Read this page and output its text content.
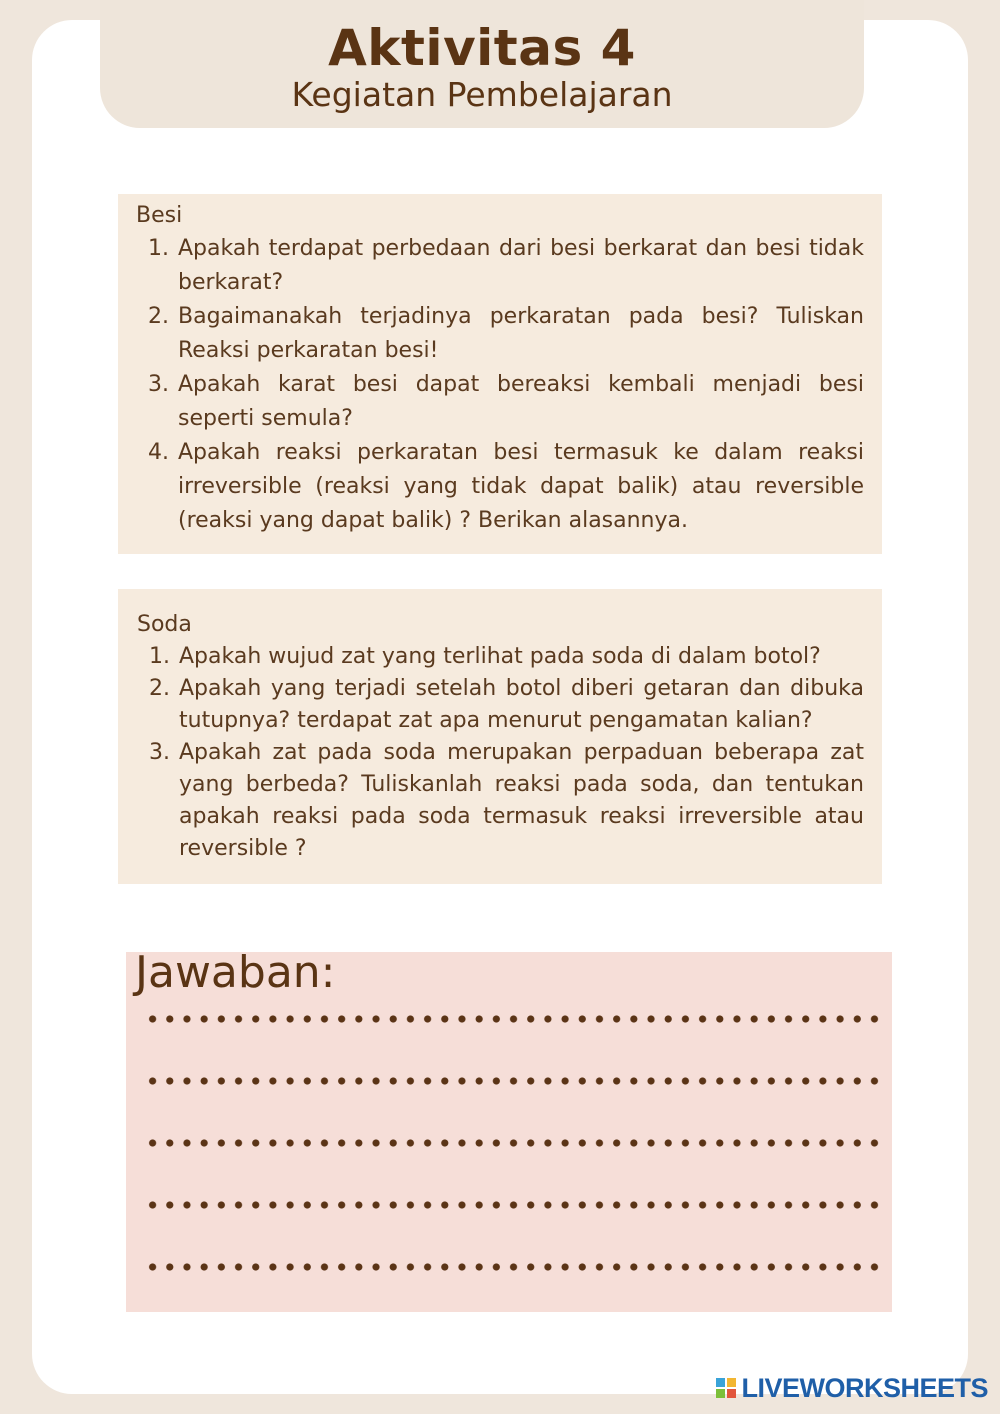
Aktivitas 4
Kegiatan Pembelajaran
Besi
1. Apakah terdapat perbedaan dari besi berkarat dan besi tidak berkarat?
2. Bagaimanakah terjadinya perkaratan pada besi? Tuliskan Reaksi perkaratan besi!
3. Apakah karat besi dapat bereaksi kembali menjadi besi seperti semula?
4. Apakah reaksi perkaratan besi termasuk ke dalam reaksi irreversible (reaksi yang tidak dapat balik) atau reversible (reaksi yang dapat balik) ? Berikan alasannya.
Soda
1. Apakah wujud zat yang terlihat pada soda di dalam botol?
2. Apakah yang terjadi setelah botol diberi getaran dan dibuka tutupnya? terdapat zat apa menurut pengamatan kalian?
3. Apakah zat pada soda merupakan perpaduan beberapa zat yang berbeda? Tuliskanlah reaksi pada soda, dan tentukan apakah reaksi pada soda termasuk reaksi irreversible atau reversible ?
Jawaban:
LIVEWORKSHEETS
